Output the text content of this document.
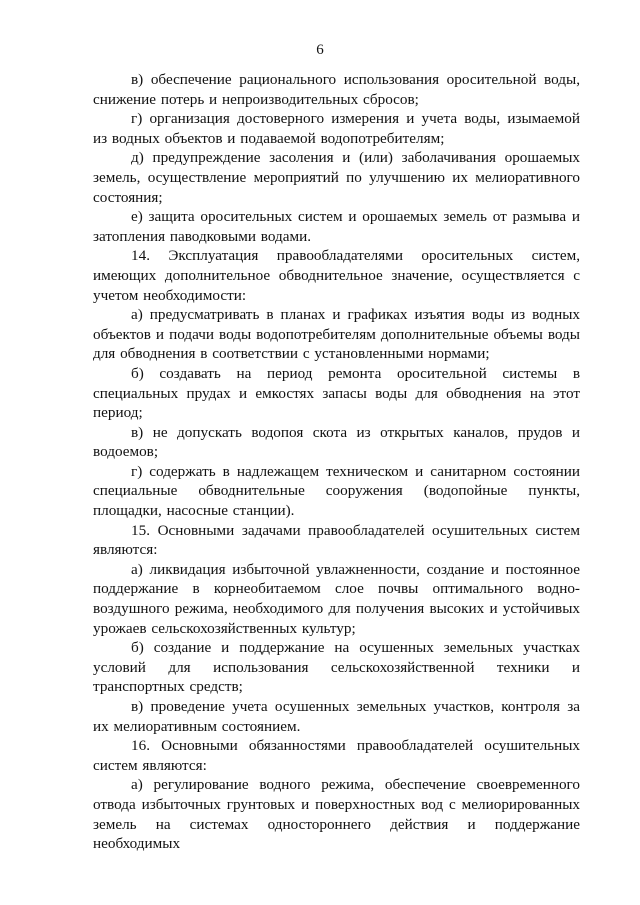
6

в) обеспечение рационального использования оросительной воды, снижение потерь и непроизводительных сбросов;

г) организация достоверного измерения и учета воды, изымаемой из водных объектов и подаваемой водопотребителям;

д) предупреждение засоления и (или) заболачивания орошаемых земель, осуществление мероприятий по улучшению их мелиоративного состояния;

е) защита оросительных систем и орошаемых земель от размыва и затопления паводковыми водами.

14. Эксплуатация правообладателями оросительных систем, имеющих дополнительное обводнительное значение, осуществляется с учетом необходимости:

а) предусматривать в планах и графиках изъятия воды из водных объектов и подачи воды водопотребителям дополнительные объемы воды для обводнения в соответствии с установленными нормами;

б) создавать на период ремонта оросительной системы в специальных прудах и емкостях запасы воды для обводнения на этот период;

в) не допускать водопоя скота из открытых каналов, прудов и водоемов;

г) содержать в надлежащем техническом и санитарном состоянии специальные обводнительные сооружения (водопойные пункты, площадки, насосные станции).

15. Основными задачами правообладателей осушительных систем являются:

а) ликвидация избыточной увлажненности, создание и постоянное поддержание в корнеобитаемом слое почвы оптимального водно-воздушного режима, необходимого для получения высоких и устойчивых урожаев сельскохозяйственных культур;

б) создание и поддержание на осушенных земельных участках условий для использования сельскохозяйственной техники и транспортных средств;

в) проведение учета осушенных земельных участков, контроля за их мелиоративным состоянием.

16. Основными обязанностями правообладателей осушительных систем являются:

а) регулирование водного режима, обеспечение своевременного отвода избыточных грунтовых и поверхностных вод с мелиорированных земель на системах одностороннего действия и поддержание необходимых
